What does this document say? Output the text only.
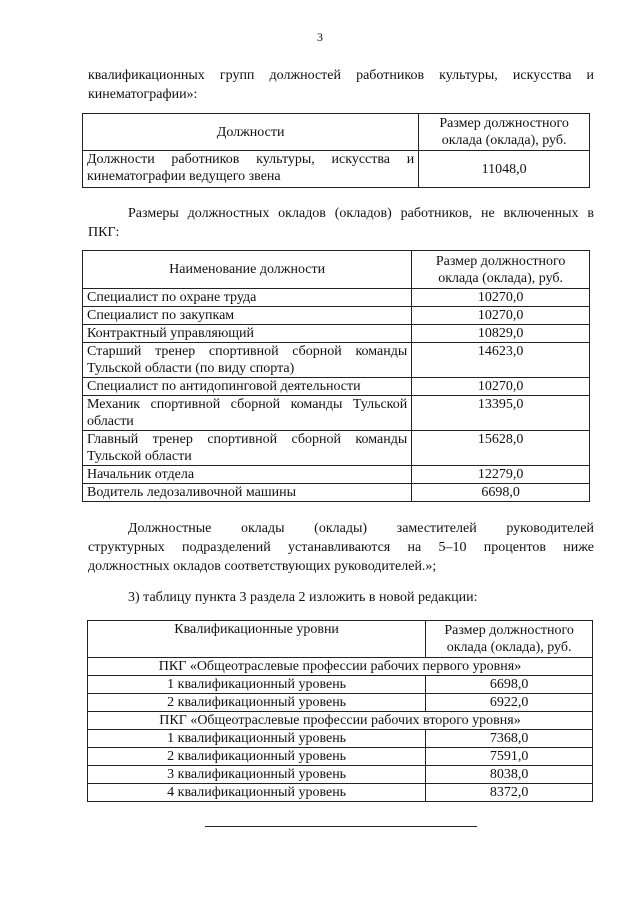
3
квалификационных групп должностей работников культуры, искусства и
кинематографии»:
Должности	Размер должностного оклада (оклада), руб.

Должности работников культуры, искусства и
кинематографии ведущего звена	11048,0
Размеры должностных окладов (окладов) работников, не включенных в
ПКГ:
Наименование должности	Размер должностного оклада (оклада), руб.

Специалист по охране труда	10270,0

Специалист по закупкам	10270,0

Контрактный управляющий	10829,0

Старший тренер спортивной сборной команды
Тульской области (по виду спорта)	14623,0

Специалист по антидопинговой деятельности	10270,0

Механик спортивной сборной команды Тульской
области	13395,0

Главный тренер спортивной сборной команды
Тульской области	15628,0

Начальник отдела	12279,0

Водитель ледозаливочной машины	6698,0
Должностные оклады (оклады) заместителей руководителей
структурных подразделений устанавливаются на 5–10 процентов ниже
должностных окладов соответствующих руководителей.»;
3) таблицу пункта 3 раздела 2 изложить в новой редакции:
Квалификационные уровни	Размер должностного оклада (оклада), руб.
ПКГ «Общеотраслевые профессии рабочих первого уровня»	
1 квалификационный уровень	6698,0
2 квалификационный уровень	6922,0
ПКГ «Общеотраслевые профессии рабочих второго уровня»	
1 квалификационный уровень	7368,0
2 квалификационный уровень	7591,0
3 квалификационный уровень	8038,0
4 квалификационный уровень	8372,0
